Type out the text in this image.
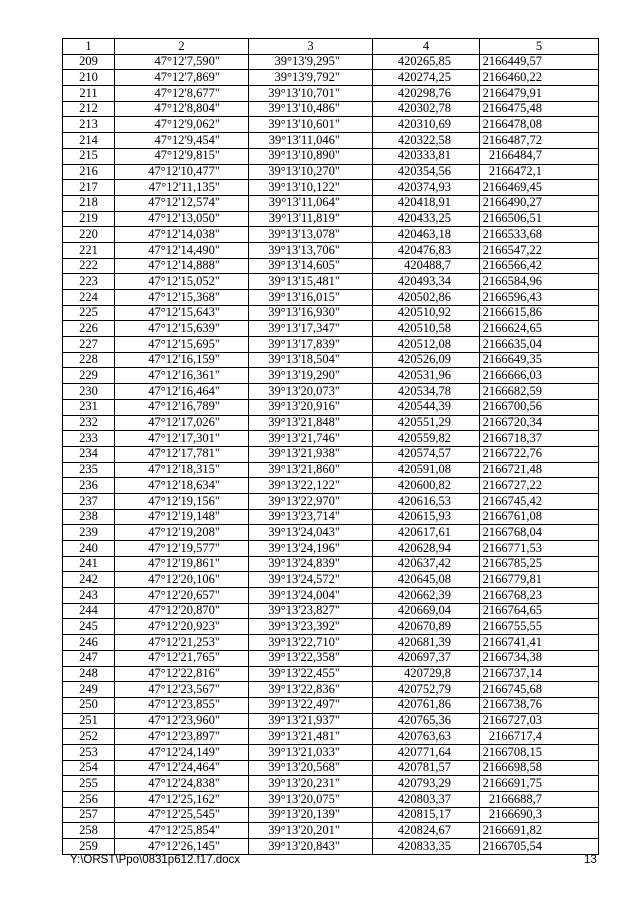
1	2	3	4	5
209	47°12'7,590"	39°13'9,295"	420265,85	2166449,57
210	47°12'7,869"	39°13'9,792"	420274,25	2166460,22
211	47°12'8,677"	39°13'10,701"	420298,76	2166479,91
212	47°12'8,804"	39°13'10,486"	420302,78	2166475,48
213	47°12'9,062"	39°13'10,601"	420310,69	2166478,08
214	47°12'9,454"	39°13'11,046"	420322,58	2166487,72
215	47°12'9,815"	39°13'10,890"	420333,81	2166484,7
216	47°12'10,477"	39°13'10,270"	420354,56	2166472,1
217	47°12'11,135"	39°13'10,122"	420374,93	2166469,45
218	47°12'12,574"	39°13'11,064"	420418,91	2166490,27
219	47°12'13,050"	39°13'11,819"	420433,25	2166506,51
220	47°12'14,038"	39°13'13,078"	420463,18	2166533,68
221	47°12'14,490"	39°13'13,706"	420476,83	2166547,22
222	47°12'14,888"	39°13'14,605"	420488,7	2166566,42
223	47°12'15,052"	39°13'15,481"	420493,34	2166584,96
224	47°12'15,368"	39°13'16,015"	420502,86	2166596,43
225	47°12'15,643"	39°13'16,930"	420510,92	2166615,86
226	47°12'15,639"	39°13'17,347"	420510,58	2166624,65
227	47°12'15,695"	39°13'17,839"	420512,08	2166635,04
228	47°12'16,159"	39°13'18,504"	420526,09	2166649,35
229	47°12'16,361"	39°13'19,290"	420531,96	2166666,03
230	47°12'16,464"	39°13'20,073"	420534,78	2166682,59
231	47°12'16,789"	39°13'20,916"	420544,39	2166700,56
232	47°12'17,026"	39°13'21,848"	420551,29	2166720,34
233	47°12'17,301"	39°13'21,746"	420559,82	2166718,37
234	47°12'17,781"	39°13'21,938"	420574,57	2166722,76
235	47°12'18,315"	39°13'21,860"	420591,08	2166721,48
236	47°12'18,634"	39°13'22,122"	420600,82	2166727,22
237	47°12'19,156"	39°13'22,970"	420616,53	2166745,42
238	47°12'19,148"	39°13'23,714"	420615,93	2166761,08
239	47°12'19,208"	39°13'24,043"	420617,61	2166768,04
240	47°12'19,577"	39°13'24,196"	420628,94	2166771,53
241	47°12'19,861"	39°13'24,839"	420637,42	2166785,25
242	47°12'20,106"	39°13'24,572"	420645,08	2166779,81
243	47°12'20,657"	39°13'24,004"	420662,39	2166768,23
244	47°12'20,870"	39°13'23,827"	420669,04	2166764,65
245	47°12'20,923"	39°13'23,392"	420670,89	2166755,55
246	47°12'21,253"	39°13'22,710"	420681,39	2166741,41
247	47°12'21,765"	39°13'22,358"	420697,37	2166734,38
248	47°12'22,816"	39°13'22,455"	420729,8	2166737,14
249	47°12'23,567"	39°13'22,836"	420752,79	2166745,68
250	47°12'23,855"	39°13'22,497"	420761,86	2166738,76
251	47°12'23,960"	39°13'21,937"	420765,36	2166727,03
252	47°12'23,897"	39°13'21,481"	420763,63	2166717,4
253	47°12'24,149"	39°13'21,033"	420771,64	2166708,15
254	47°12'24,464"	39°13'20,568"	420781,57	2166698,58
255	47°12'24,838"	39°13'20,231"	420793,29	2166691,75
256	47°12'25,162"	39°13'20,075"	420803,37	2166688,7
257	47°12'25,545"	39°13'20,139"	420815,17	2166690,3
258	47°12'25,854"	39°13'20,201"	420824,67	2166691,82
259	47°12'26,145"	39°13'20,843"	420833,35	2166705,54
Y:\ORST\Ppo\0831p612.f17.docx	13
